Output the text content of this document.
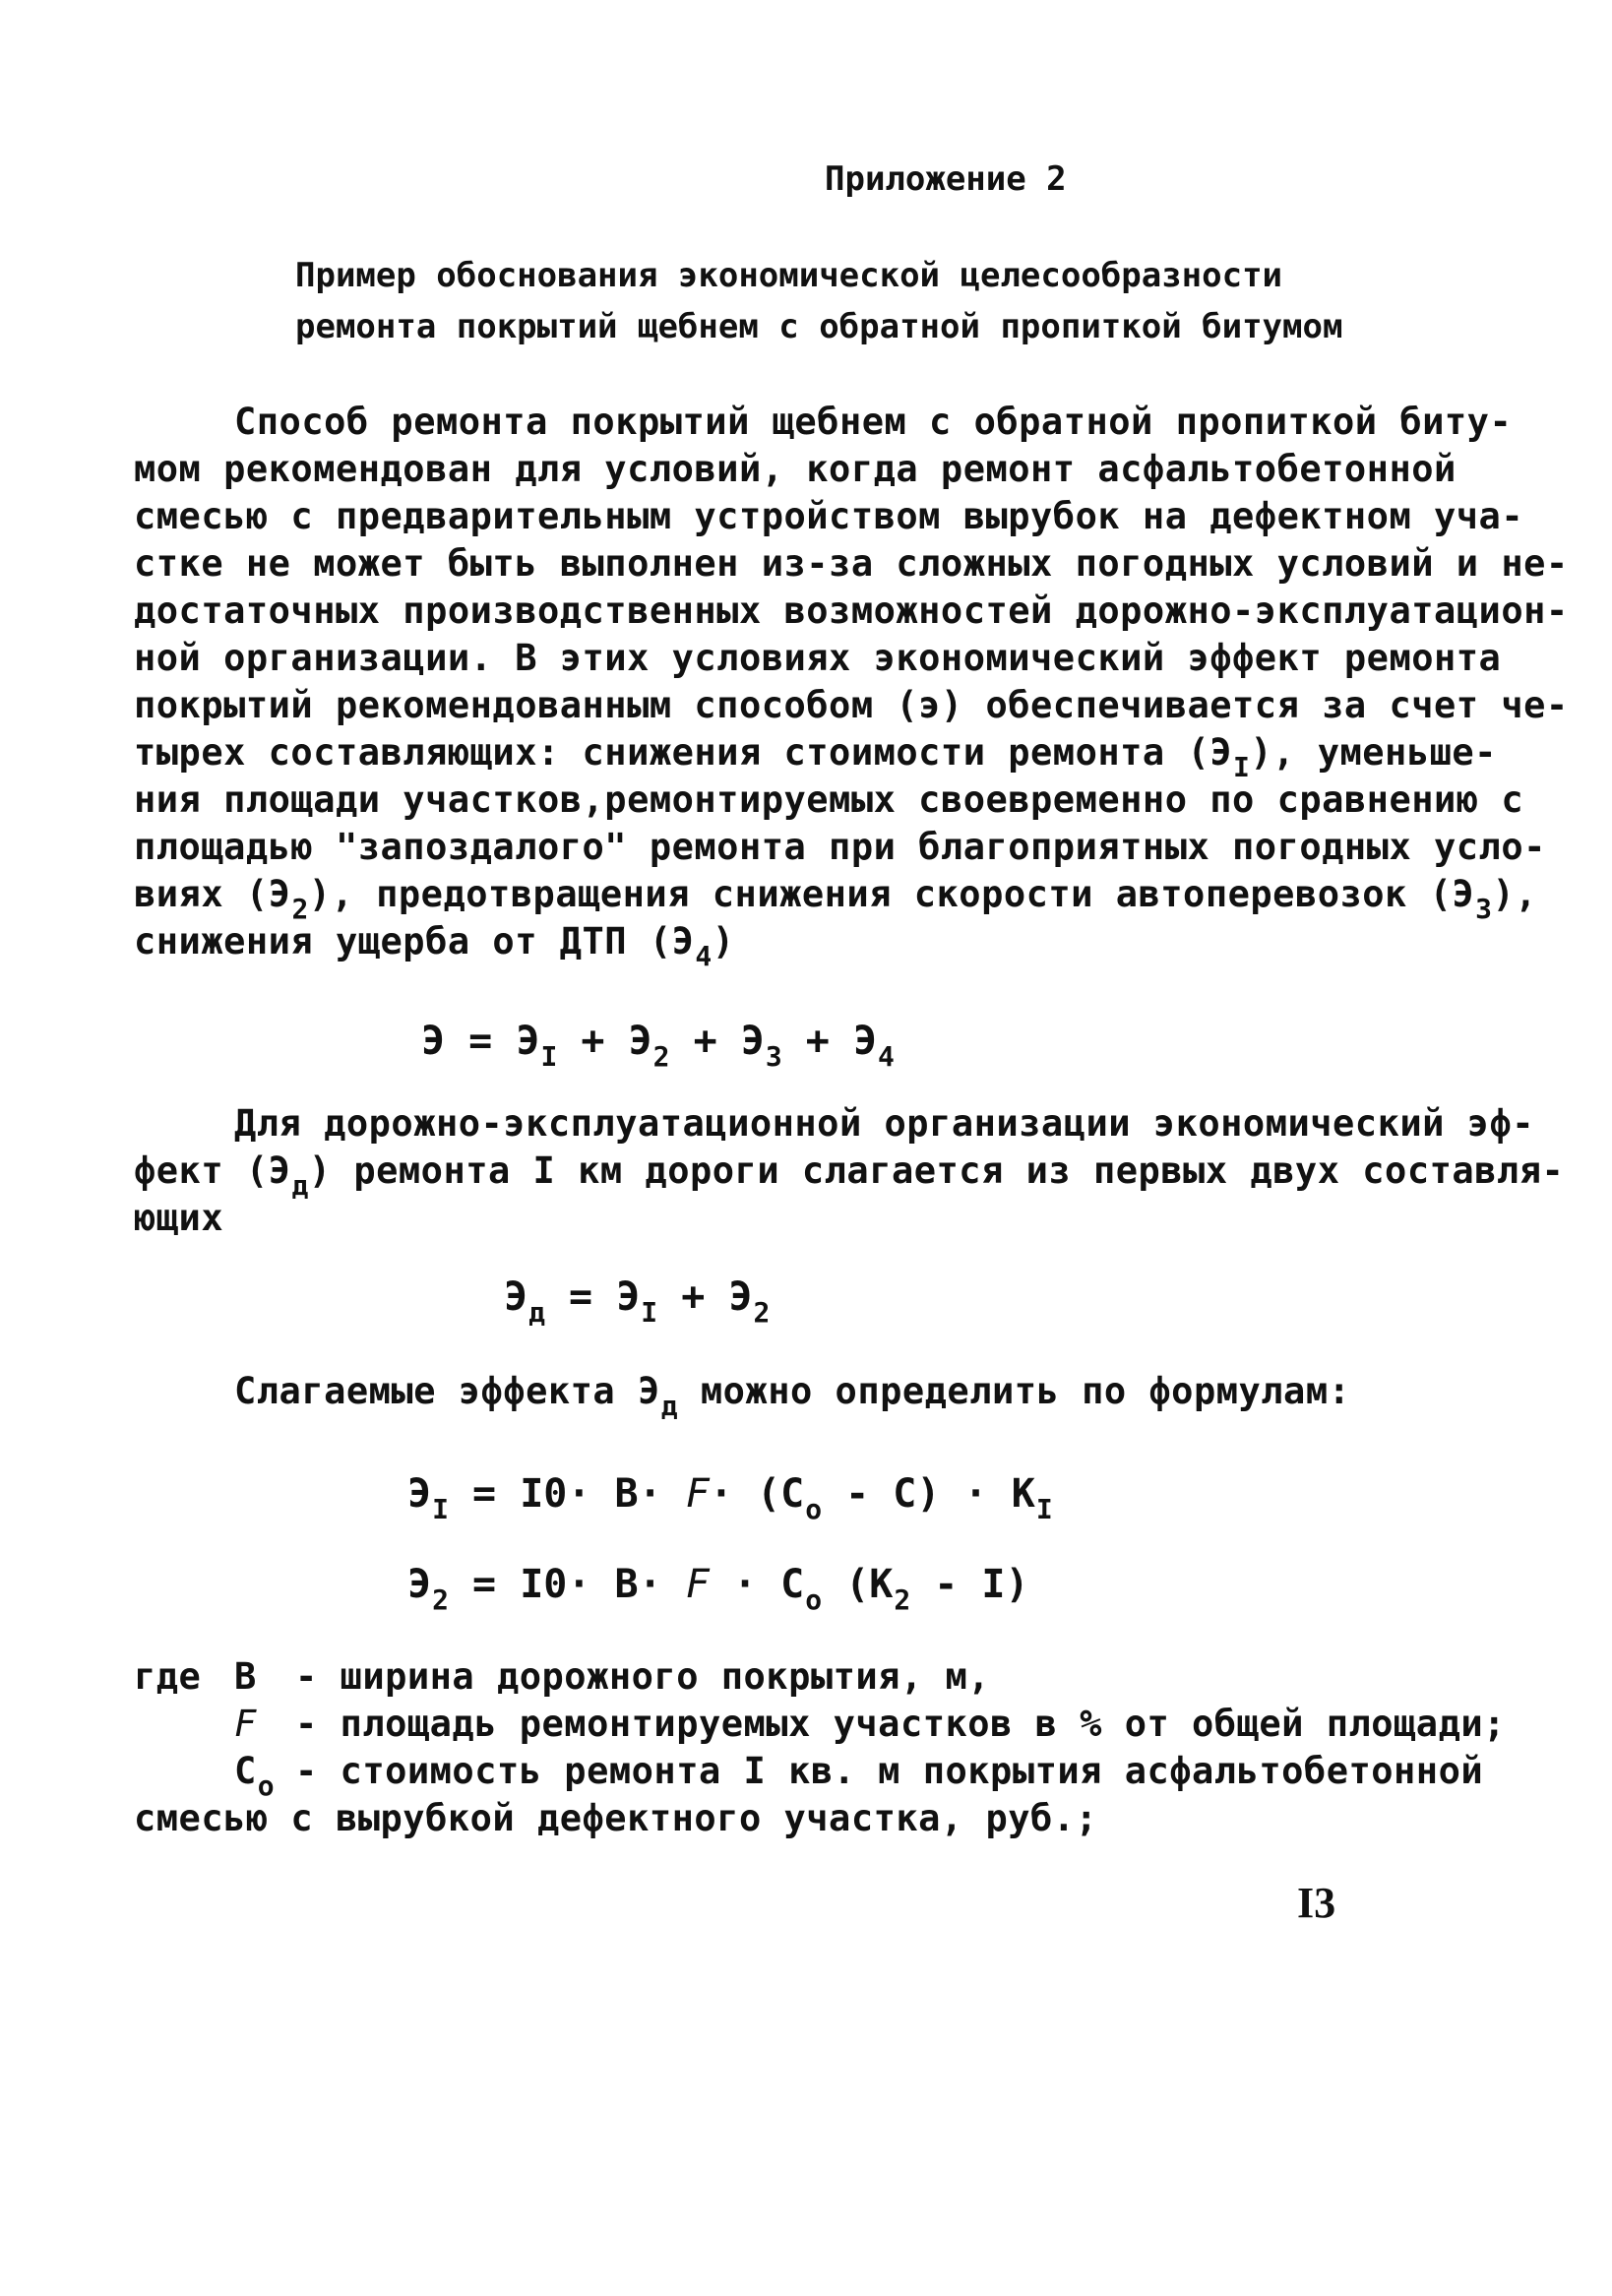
Приложение 2
Пример обоснования экономической целесообразности
ремонта покрытий щебнем с обратной пропиткой битумом
Способ ремонта покрытий щебнем с обратной пропиткой биту-
мом рекомендован для условий, когда ремонт асфальтобетонной
смесью с предварительным устройством вырубок на дефектном уча-
стке не может быть выполнен из-за сложных погодных условий и не-
достаточных производственных возможностей дорожно-эксплуатацион-
ной организации. В этих условиях экономический эффект ремонта
покрытий рекомендованным способом (э) обеспечивается за счет че-
тырех составляющих: снижения стоимости ремонта $(Э_I)$, уменьше-
ния площади участков,ремонтируемых своевременно по сравнению с
площадью "запоздалого" ремонта при благоприятных погодных усло-
виях $(Э_2)$, предотвращения снижения скорости автоперевозок $(Э_3)$,
снижения ущерба от ДТП $(Э_4)$
$Э = Э_I + Э_2 + Э_3 + Э_4$
Для дорожно-эксплуатационной организации экономический эф-
фект $(Э_д)$ ремонта I км дороги слагается из первых двух составля-
ющих
$Э_д = Э_I + Э_2$
Слагаемые эффекта $Э_д$ можно определить по формулам:
$Э_I = I0\cdot B\cdot F\cdot (C_o - C) \cdot K_I$
$Э_2 = I0\cdot B\cdot F \cdot C_o$ $(K_2 - I)$
где B - ширина дорожного покрытия, м,
F - площадь ремонтируемых участков в % от общей площади;
$C_o$ - стоимость ремонта I кв. м покрытия асфальтобетонной
смесью с вырубкой дефектного участка, руб.;
I3
